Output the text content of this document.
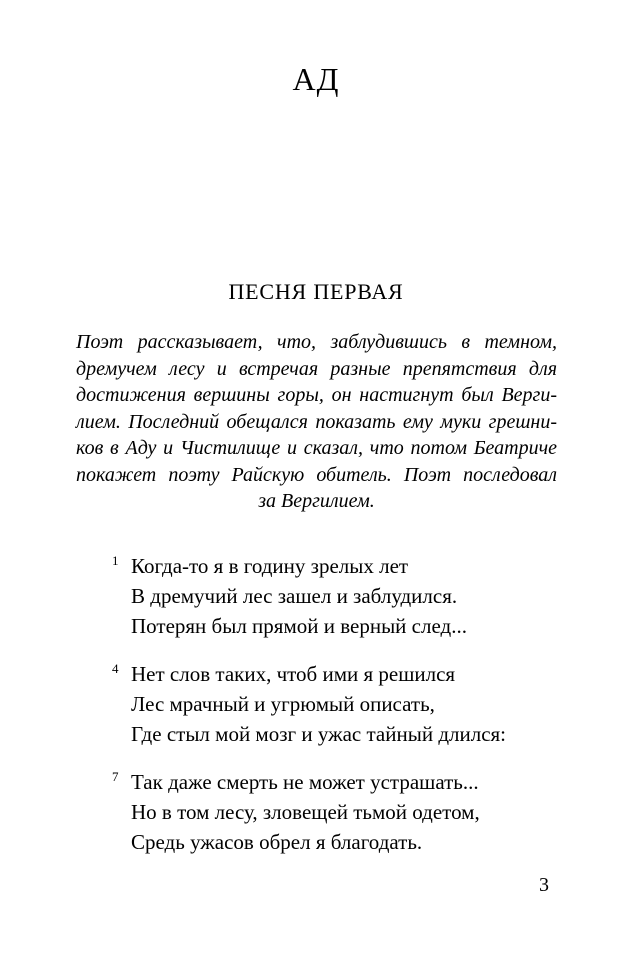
АД
ПЕСНЯ ПЕРВАЯ
Поэт рассказывает, что, заблудившись в темном,
дремучем лесу и встречая разные препятствия для
достижения вершины горы, он настигнут был Верги-
лием. Последний обещался показать ему муки грешни-
ков в Аду и Чистилище и сказал, что потом Беатриче
покажет поэту Райскую обитель. Поэт последовал
за Вергилием.
1 Когда-то я в годину зрелых лет
В дремучий лес зашел и заблудился.
Потерян был прямой и верный след...
4 Нет слов таких, чтоб ими я решился
Лес мрачный и угрюмый описать,
Где стыл мой мозг и ужас тайный длился:
7 Так даже смерть не может устрашать...
Но в том лесу, зловещей тьмой одетом,
Средь ужасов обрел я благодать.
3
